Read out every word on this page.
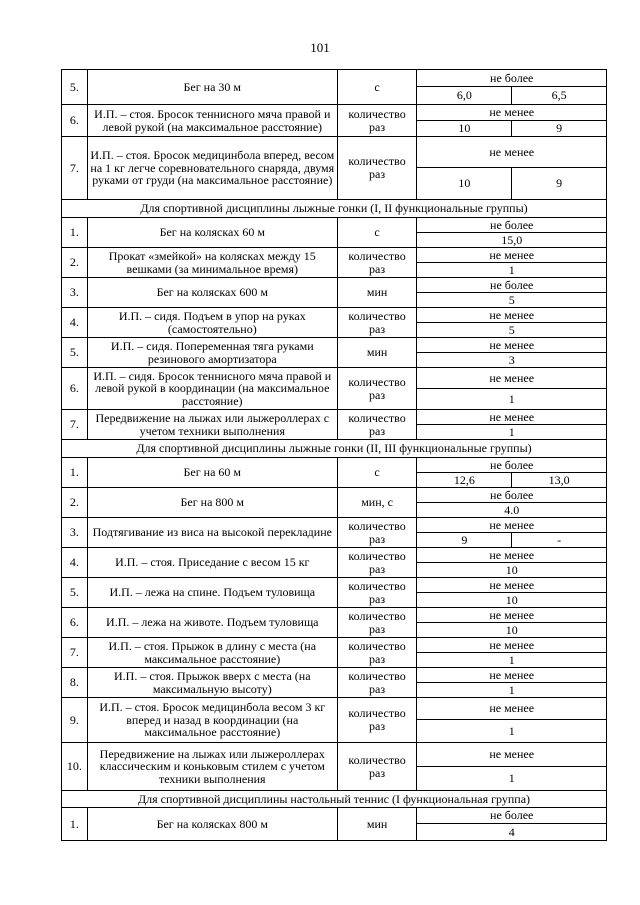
101
5.	Бег на 30 м	с	не более	
			6,0	6,5
6.	И.П. – стоя. Бросок теннисного мяча правой и левой рукой (на максимальное расстояние)	количество раз	не менее	
			10	9
7.	И.П. – стоя. Бросок медицинбола вперед, весом на 1 кг легче соревновательного снаряда, двумя руками от груди (на максимальное расстояние)	количество раз	не менее	
			10	9
Для спортивной дисциплины лыжные гонки (I, II функциональные группы)				
1.	Бег на колясках 60 м	с	не более	
			15,0	
2.	Прокат «змейкой» на колясках между 15 вешками (за минимальное время)	количество раз	не менее	
			1	
3.	Бег на колясках 600 м	мин	не более	
			5	
4.	И.П. – сидя. Подъем в упор на руках (самостоятельно)	количество раз	не менее	
			5	
5.	И.П. – сидя. Попеременная тяга руками резинового амортизатора	мин	не менее	
			3	
6.	И.П. – сидя. Бросок теннисного мяча правой и левой рукой в координации (на максимальное расстояние)	количество раз	не менее	
			1	
7.	Передвижение на лыжах или лыжероллерах с учетом техники выполнения	количество раз	не менее	
			1	
Для спортивной дисциплины лыжные гонки (II, III функциональные группы)				
1.	Бег на 60 м	с	не более	
			12,6	13,0
2.	Бег на 800 м	мин, с	не более	
			4.0	
3.	Подтягивание из виса на высокой перекладине	количество раз	не менее	
			9	-
4.	И.П. – стоя. Приседание с весом 15 кг	количество раз	не менее	
			10	
5.	И.П. – лежа на спине. Подъем туловища	количество раз	не менее	
			10	
6.	И.П. – лежа на животе. Подъем туловища	количество раз	не менее	
			10	
7.	И.П. – стоя. Прыжок в длину с места (на максимальное расстояние)	количество раз	не менее	
			1	
8.	И.П. – стоя. Прыжок вверх с места (на максимальную высоту)	количество раз	не менее	
			1	
9.	И.П. – стоя. Бросок медицинбола весом 3 кг вперед и назад в координации (на максимальное расстояние)	количество раз	не менее	
			1	
10.	Передвижение на лыжах или лыжероллерах классическим и коньковым стилем с учетом техники выполнения	количество раз	не менее	
			1	
Для спортивной дисциплины настольный теннис (I функциональная группа)				
1.	Бег на колясках 800 м	мин	не более	
			4	
